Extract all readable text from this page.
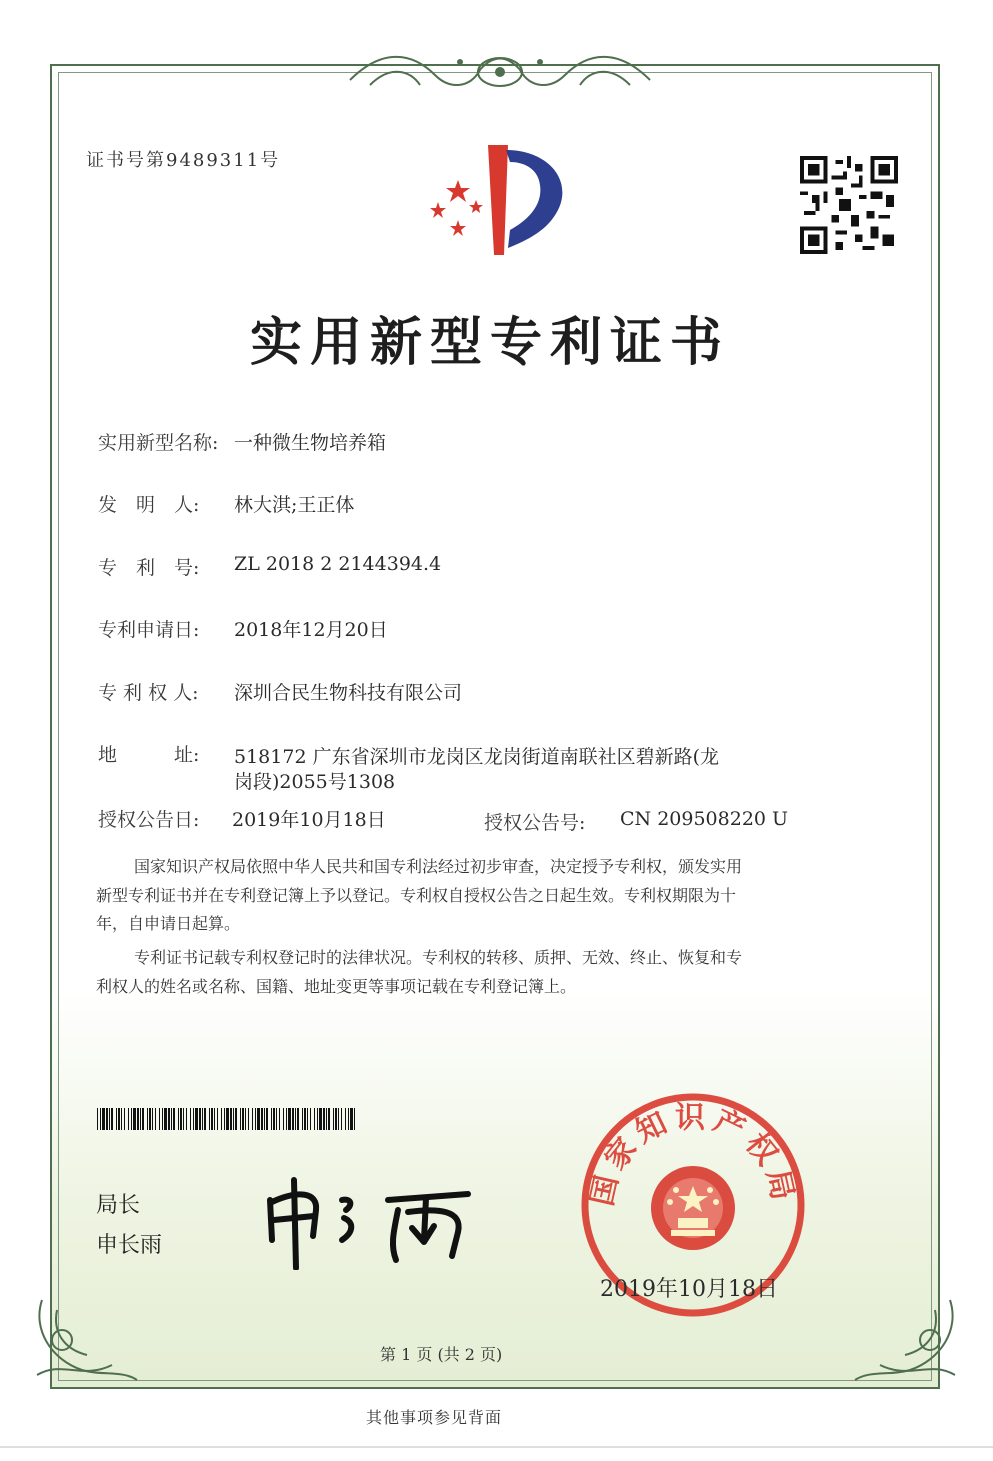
证书号第9489311号
实用新型专利证书
实用新型名称: 一种微生物培养箱
发　明　人: 林大淇;王正体
专　利　号: ZL 2018 2 2144394.4
专利申请日: 2018年12月20日
专 利 权 人: 深圳合民生物科技有限公司
地　　　址: 518172 广东省深圳市龙岗区龙岗街道南联社区碧新路(龙
岗段)2055号1308
授权公告日: 2019年10月18日	授权公告号: CN 209508220 U
国家知识产权局依照中华人民共和国专利法经过初步审查，决定授予专利权，颁发实用
新型专利证书并在专利登记簿上予以登记。专利权自授权公告之日起生效。专利权期限为十
年，自申请日起算。
专利证书记载专利权登记时的法律状况。专利权的转移、质押、无效、终止、恢复和专
利权人的姓名或名称、国籍、地址变更等事项记载在专利登记簿上。
局长
申长雨
国家知识产权局
2019年10月18日
第 1 页 (共 2 页)
其他事项参见背面
